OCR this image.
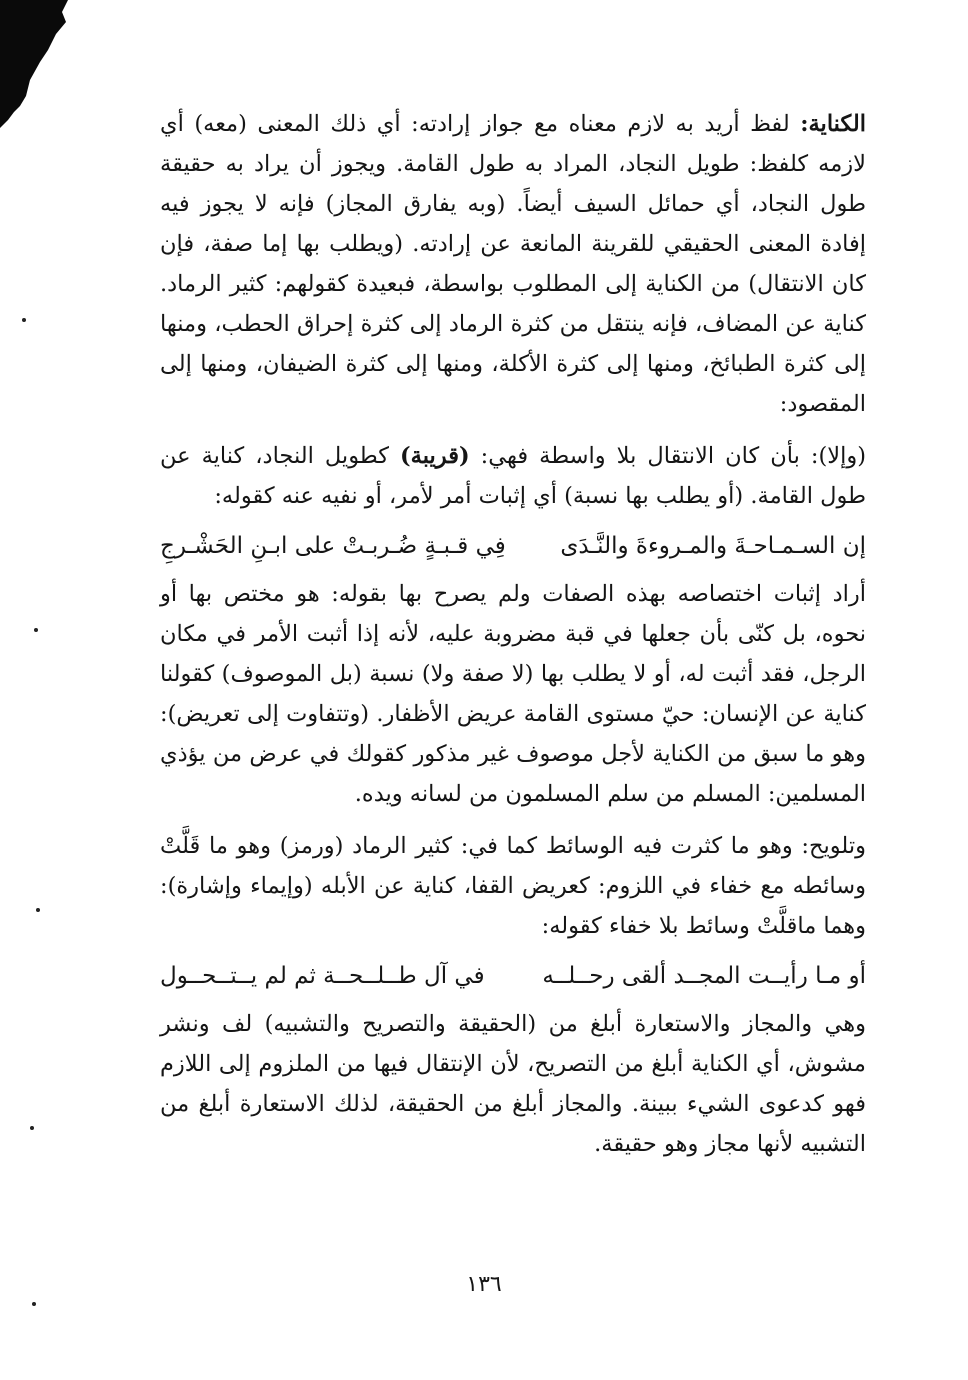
الكناية: لفظ أريد به لازم معناه مع جواز إرادته: أي ذلك المعنى (معه) أي لازمه كلفظ: طويل النجاد، المراد به طول القامة. ويجوز أن يراد به حقيقة طول النجاد، أي حمائل السيف أيضاً. (وبه يفارق المجاز) فإنه لا يجوز فيه إفادة المعنى الحقيقي للقرينة المانعة عن إرادته. (ويطلب بها إما صفة، فإن كان الانتقال) من الكناية إلى المطلوب بواسطة، فبعيدة كقولهم: كثير الرماد. كناية عن المضاف، فإنه ينتقل من كثرة الرماد إلى كثرة إحراق الحطب، ومنها إلى كثرة الطبائخ، ومنها إلى كثرة الأكلة، ومنها إلى كثرة الضيفان، ومنها إلى المقصود:

(وإلا): بأن كان الانتقال بلا واسطة فهي: (قريبة) كطويل النجاد، كناية عن طول القامة. (أو يطلب بها نسبة) أي إثبات أمر لأمر، أو نفيه عنه كقوله:

إن السـمـاحـةَ والمـروءةَ والنَّـدَى
فِي قـبـةٍ ضُـربـتْ على ابـنِ الحَشْـرجِ

أراد إثبات اختصاصه بهذه الصفات ولم يصرح بها بقوله: هو مختص بها أو نحوه، بل كنّى بأن جعلها في قبة مضروبة عليه، لأنه إذا أثبت الأمر في مكان الرجل، فقد أثبت له، أو لا يطلب بها (لا صفة ولا) نسبة (بل الموصوف) كقولنا كناية عن الإنسان: حيّ مستوى القامة عريض الأظفار. (وتتفاوت إلى تعريض): وهو ما سبق من الكناية لأجل موصوف غير مذكور كقولك في عرض من يؤذي المسلمين: المسلم من سلم المسلمون من لسانه ويده.

وتلويح: وهو ما كثرت فيه الوسائط كما في: كثير الرماد (ورمز) وهو ما قَلَّتْ وسائطه مع خفاء في اللزوم: كعريض القفا، كناية عن الأبله (وإيماء وإشارة): وهما ماقلَّتْ وسائط بلا خفاء كقوله:

أو مـا رأيــت المجــد ألقى رحــلــه
في آل طــلــحــة ثم لم يــتــحــول

وهي والمجاز والاستعارة أبلغ من (الحقيقة والتصريح والتشبيه) لف ونشر مشوش، أي الكناية أبلغ من التصريح، لأن الإنتقال فيها من الملزوم إلى اللازم فهو كدعوى الشيء ببينة. والمجاز أبلغ من الحقيقة، لذلك الاستعارة أبلغ من التشبيه لأنها مجاز وهو حقيقة.

١٣٦
